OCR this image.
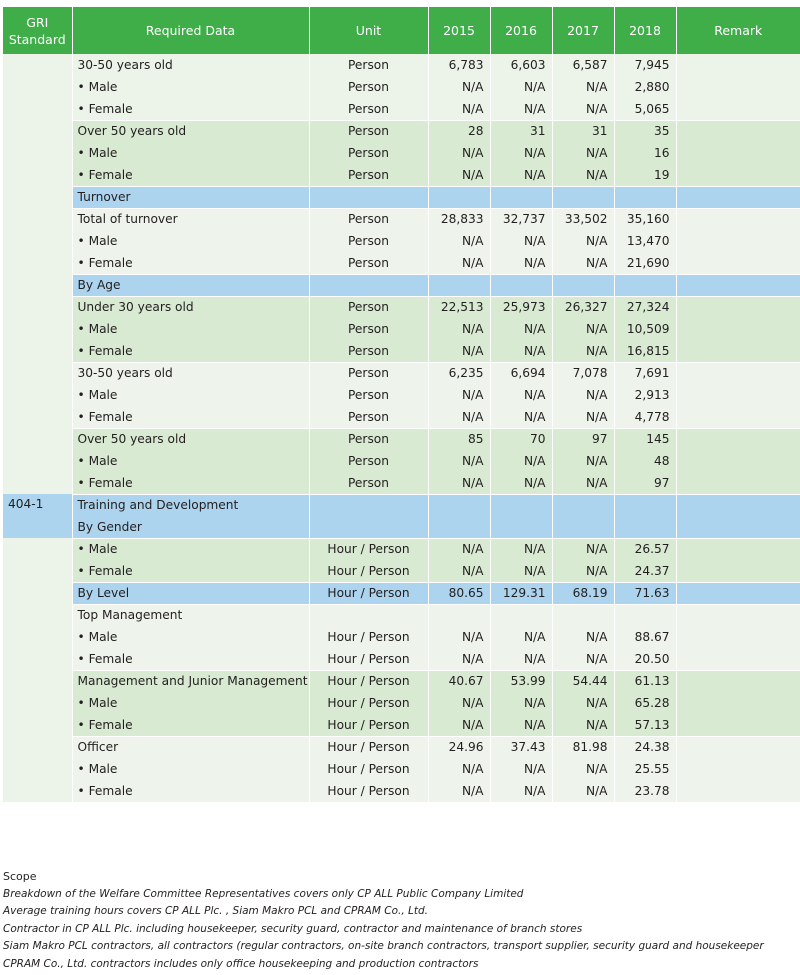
GRI
Standard	Required Data	Unit	2015	2016	2017	2018	Remark
	30-50 years old	Person	6,783	6,603	6,587	7,945	
	• Male	Person	N/A	N/A	N/A	2,880	
	• Female	Person	N/A	N/A	N/A	5,065	
	Over 50 years old	Person	28	31	31	35	
	• Male	Person	N/A	N/A	N/A	16	
	• Female	Person	N/A	N/A	N/A	19	
	Turnover						
	Total of turnover	Person	28,833	32,737	33,502	35,160	
	• Male	Person	N/A	N/A	N/A	13,470	
	• Female	Person	N/A	N/A	N/A	21,690	
	By Age						
	Under 30 years old	Person	22,513	25,973	26,327	27,324	
	• Male	Person	N/A	N/A	N/A	10,509	
	• Female	Person	N/A	N/A	N/A	16,815	
	30-50 years old	Person	6,235	6,694	7,078	7,691	
	• Male	Person	N/A	N/A	N/A	2,913	
	• Female	Person	N/A	N/A	N/A	4,778	
	Over 50 years old	Person	85	70	97	145	
	• Male	Person	N/A	N/A	N/A	48	
	• Female	Person	N/A	N/A	N/A	97	
404-1	Training and Development						
	By Gender						
	• Male	Hour / Person	N/A	N/A	N/A	26.57	
	• Female	Hour / Person	N/A	N/A	N/A	24.37	
	By Level	Hour / Person	80.65	129.31	68.19	71.63	
	Top Management						
	• Male	Hour / Person	N/A	N/A	N/A	88.67	
	• Female	Hour / Person	N/A	N/A	N/A	20.50	
	Management and Junior Management	Hour / Person	40.67	53.99	54.44	61.13	
	• Male	Hour / Person	N/A	N/A	N/A	65.28	
	• Female	Hour / Person	N/A	N/A	N/A	57.13	
	Officer	Hour / Person	24.96	37.43	81.98	24.38	
	• Male	Hour / Person	N/A	N/A	N/A	25.55	
	• Female	Hour / Person	N/A	N/A	N/A	23.78	
Scope
Breakdown of the Welfare Committee Representatives covers only CP ALL Public Company Limited
Average training hours covers CP ALL Plc. , Siam Makro PCL and CPRAM Co., Ltd.
Contractor in CP ALL Plc. including housekeeper, security guard, contractor and maintenance of branch stores
Siam Makro PCL contractors, all contractors (regular contractors, on-site branch contractors, transport supplier, security guard and housekeeper
CPRAM Co., Ltd. contractors includes only office housekeeping and production contractors
